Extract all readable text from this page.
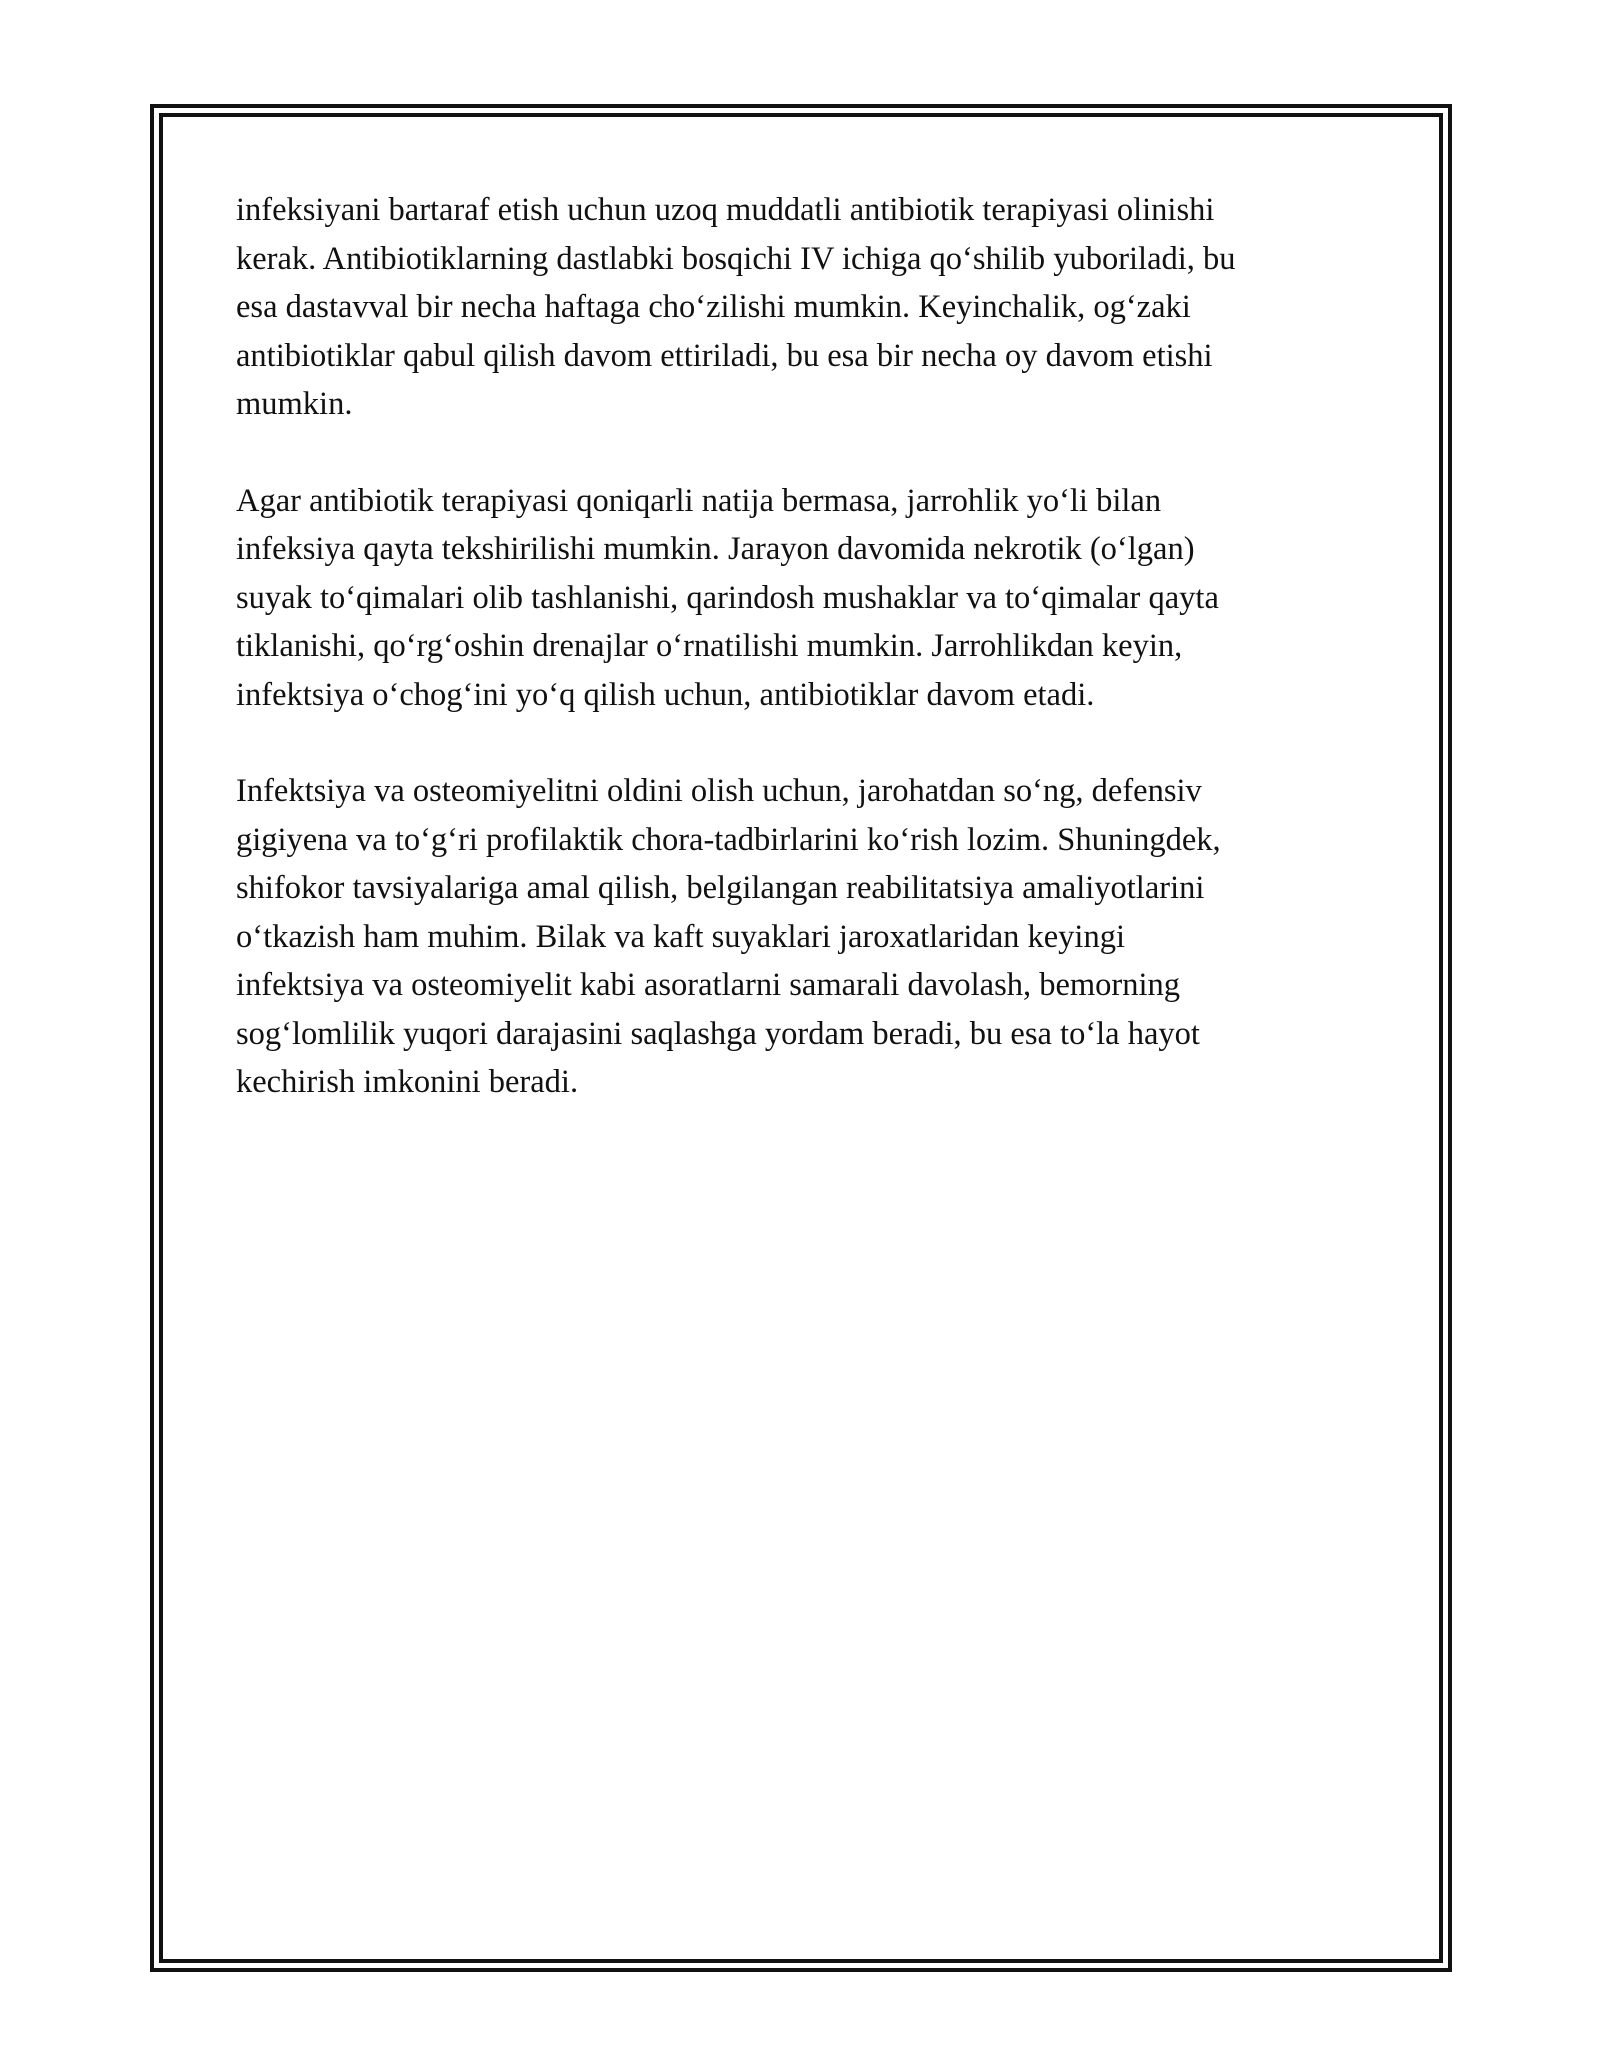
infeksiyani bartaraf etish uchun uzoq muddatli antibiotik terapiyasi olinishi
kerak. Antibiotiklarning dastlabki bosqichi IV ichiga qo‘shilib yuboriladi, bu
esa dastavval bir necha haftaga cho‘zilishi mumkin. Keyinchalik, og‘zaki
antibiotiklar qabul qilish davom ettiriladi, bu esa bir necha oy davom etishi
mumkin.

Agar antibiotik terapiyasi qoniqarli natija bermasa, jarrohlik yo‘li bilan
infeksiya qayta tekshirilishi mumkin. Jarayon davomida nekrotik (o‘lgan)
suyak to‘qimalari olib tashlanishi, qarindosh mushaklar va to‘qimalar qayta
tiklanishi, qo‘rg‘oshin drenajlar o‘rnatilishi mumkin. Jarrohlikdan keyin,
infektsiya o‘chog‘ini yo‘q qilish uchun, antibiotiklar davom etadi.

Infektsiya va osteomiyelitni oldini olish uchun, jarohatdan so‘ng, defensiv
gigiyena va to‘g‘ri profilaktik chora-tadbirlarini ko‘rish lozim. Shuningdek,
shifokor tavsiyalariga amal qilish, belgilangan reabilitatsiya amaliyotlarini
o‘tkazish ham muhim. Bilak va kaft suyaklari jaroxatlaridan keyingi
infektsiya va osteomiyelit kabi asoratlarni samarali davolash, bemorning
sog‘lomlilik yuqori darajasini saqlashga yordam beradi, bu esa to‘la hayot
kechirish imkonini beradi.
